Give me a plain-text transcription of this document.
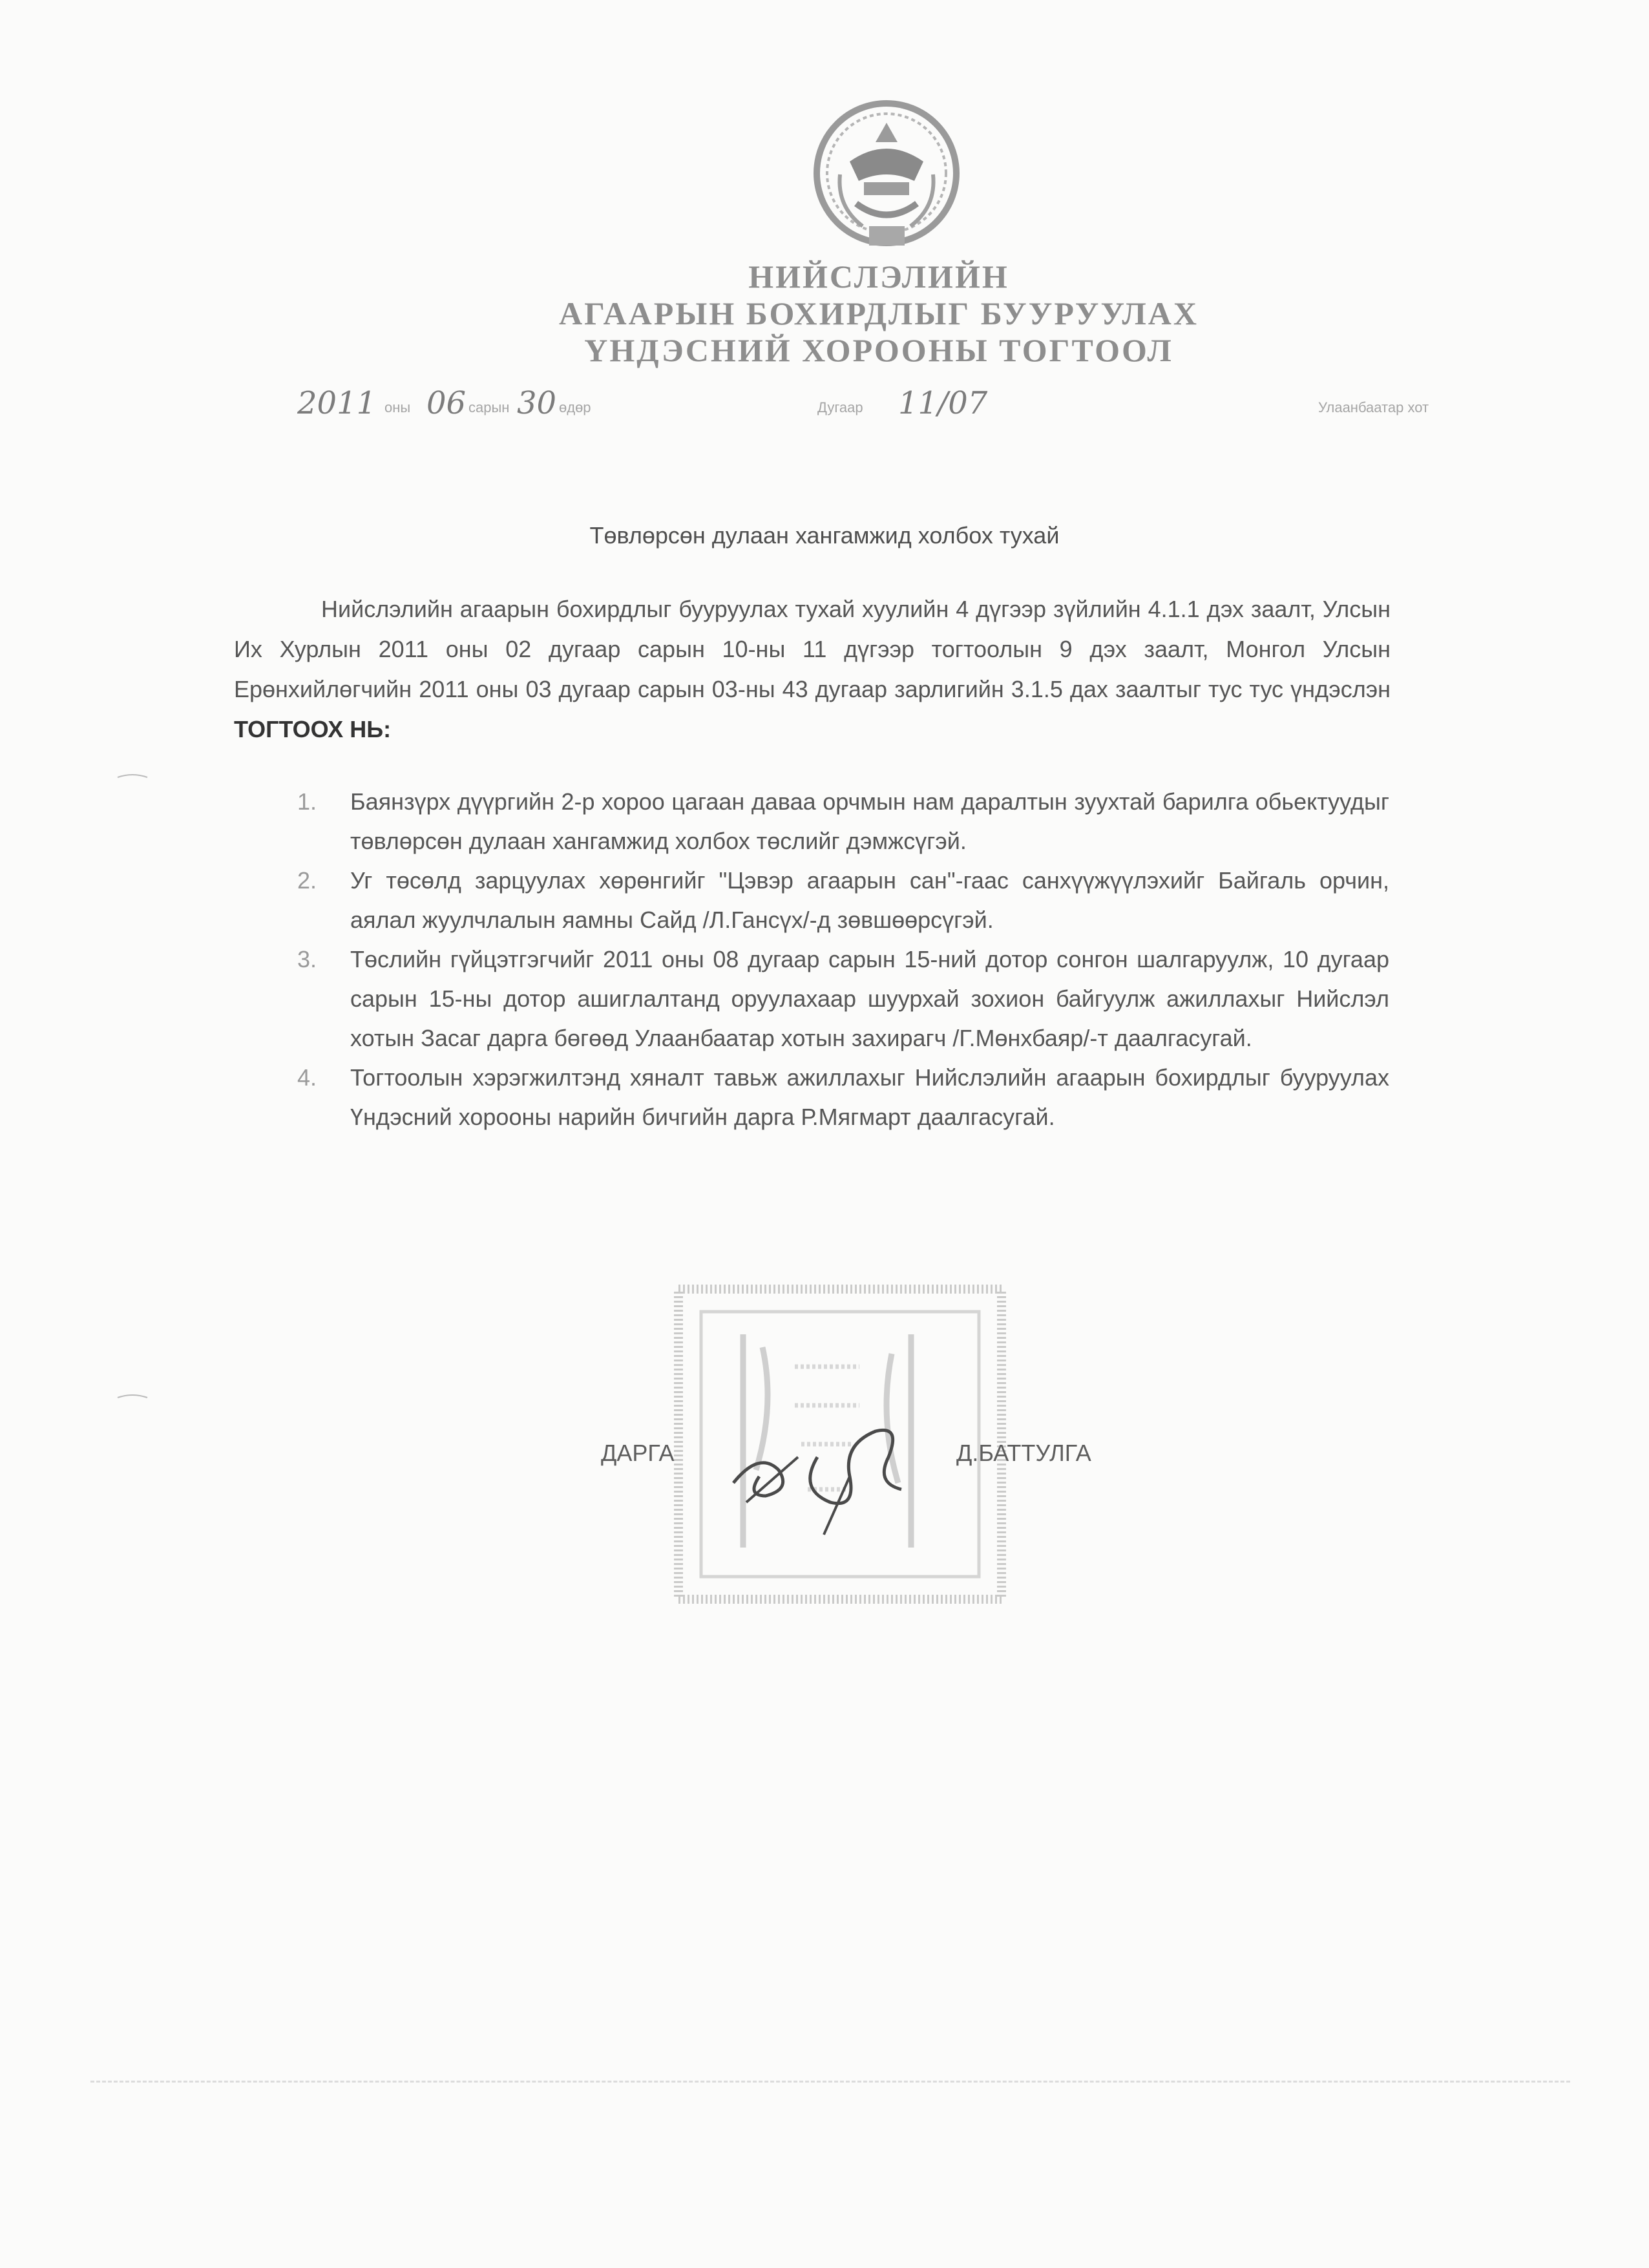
НИЙСЛЭЛИЙН
АГААРЫН БОХИРДЛЫГ БУУРУУЛАХ
ҮНДЭСНИЙ ХОРООНЫ ТОГТООЛ
2011 оны 06 сарын 30 өдөр	Дугаар 11/07	Улаанбаатар хот
Төвлөрсөн дулаан хангамжид холбох тухай
Нийслэлийн агаарын бохирдлыг бууруулах тухай хуулийн 4 дүгээр зүйлийн 4.1.1 дэх заалт, Улсын Их Хурлын 2011 оны 02 дугаар сарын 10-ны 11 дүгээр тогтоолын 9 дэх заалт, Монгол Улсын Ерөнхийлөгчийн 2011 оны 03 дугаар сарын 03-ны 43 дугаар зарлигийн 3.1.5 дах заалтыг тус тус үндэслэн ТОГТООХ НЬ:
1. Баянзүрх дүүргийн 2-р хороо цагаан даваа орчмын нам даралтын зуухтай барилга обьектуудыг төвлөрсөн дулаан хангамжид холбох төслийг дэмжсүгэй.
2. Уг төсөлд зарцуулах хөрөнгийг "Цэвэр агаарын сан"-гаас санхүүжүүлэхийг Байгаль орчин, аялал жуулчлалын яамны Сайд /Л.Гансүх/-д зөвшөөрсүгэй.
3. Төслийн гүйцэтгэгчийг 2011 оны 08 дугаар сарын 15-ний дотор сонгон шалгаруулж, 10 дугаар сарын 15-ны дотор ашиглалтанд оруулахаар шуурхай зохион байгуулж ажиллахыг Нийслэл хотын Засаг дарга бөгөөд Улаанбаатар хотын захирагч /Г.Мөнхбаяр/-т даалгасугай.
4. Тогтоолын хэрэгжилтэнд хяналт тавьж ажиллахыг Нийслэлийн агаарын бохирдлыг бууруулах Үндэсний хорооны нарийн бичгийн дарга Р.Мягмарт даалгасугай.
ДАРГА	Д.БАТТУЛГА
